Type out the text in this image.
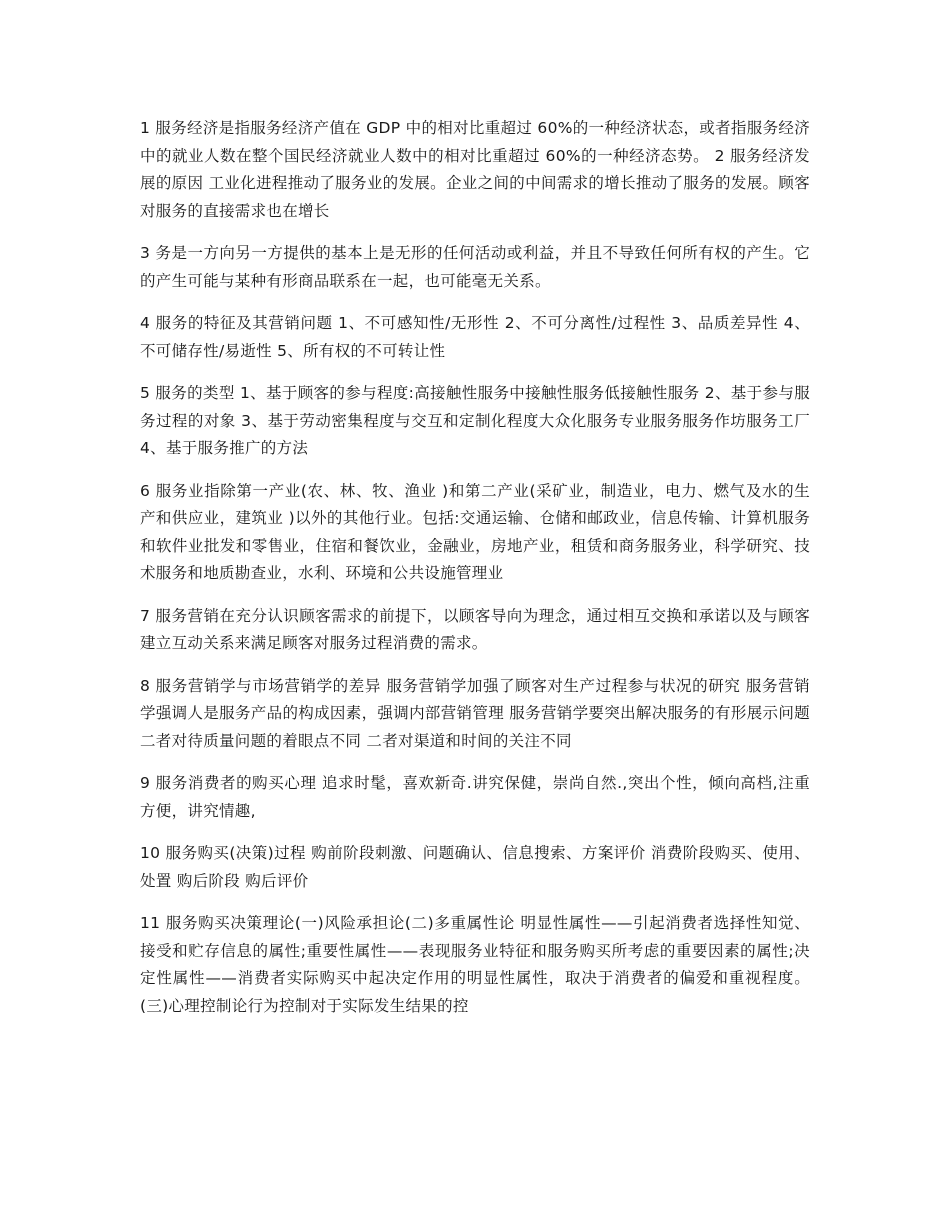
1 服务经济是指服务经济产值在 GDP 中的相对比重超过 60%的一种经济状态，或者指服务经济中的就业人数在整个国民经济就业人数中的相对比重超过 60%的一种经济态势。 2 服务经济发展的原因 工业化进程推动了服务业的发展。企业之间的中间需求的增长推动了服务的发展。顾客对服务的直接需求也在增长

3 务是一方向另一方提供的基本上是无形的任何活动或利益，并且不导致任何所有权的产生。它的产生可能与某种有形商品联系在一起，也可能毫无关系。

4 服务的特征及其营销问题 1、不可感知性/无形性 2、不可分离性/过程性 3、品质差异性 4、不可储存性/易逝性 5、所有权的不可转让性

5 服务的类型 1、基于顾客的参与程度:高接触性服务中接触性服务低接触性服务 2、基于参与服务过程的对象 3、基于劳动密集程度与交互和定制化程度大众化服务专业服务服务作坊服务工厂 4、基于服务推广的方法

6 服务业指除第一产业(农、林、牧、渔业 )和第二产业(采矿业，制造业，电力、燃气及水的生产和供应业，建筑业 )以外的其他行业。包括:交通运输、仓储和邮政业，信息传输、计算机服务和软件业批发和零售业，住宿和餐饮业，金融业，房地产业，租赁和商务服务业，科学研究、技术服务和地质勘查业，水利、环境和公共设施管理业

7 服务营销在充分认识顾客需求的前提下，以顾客导向为理念，通过相互交换和承诺以及与顾客建立互动关系来满足顾客对服务过程消费的需求。

8 服务营销学与市场营销学的差异 服务营销学加强了顾客对生产过程参与状况的研究 服务营销学强调人是服务产品的构成因素，强调内部营销管理 服务营销学要突出解决服务的有形展示问题 二者对待质量问题的着眼点不同 二者对渠道和时间的关注不同

9 服务消费者的购买心理 追求时髦，喜欢新奇.讲究保健，崇尚自然.,突出个性，倾向高档,注重方便，讲究情趣,

10 服务购买(决策)过程 购前阶段刺激、问题确认、信息搜索、方案评价 消费阶段购买、使用、处置 购后阶段 购后评价

11 服务购买决策理论(一)风险承担论(二)多重属性论 明显性属性——引起消费者选择性知觉、接受和贮存信息的属性;重要性属性——表现服务业特征和服务购买所考虑的重要因素的属性;决定性属性——消费者实际购买中起决定作用的明显性属性，取决于消费者的偏爱和重视程度。(三)心理控制论行为控制对于实际发生结果的控
